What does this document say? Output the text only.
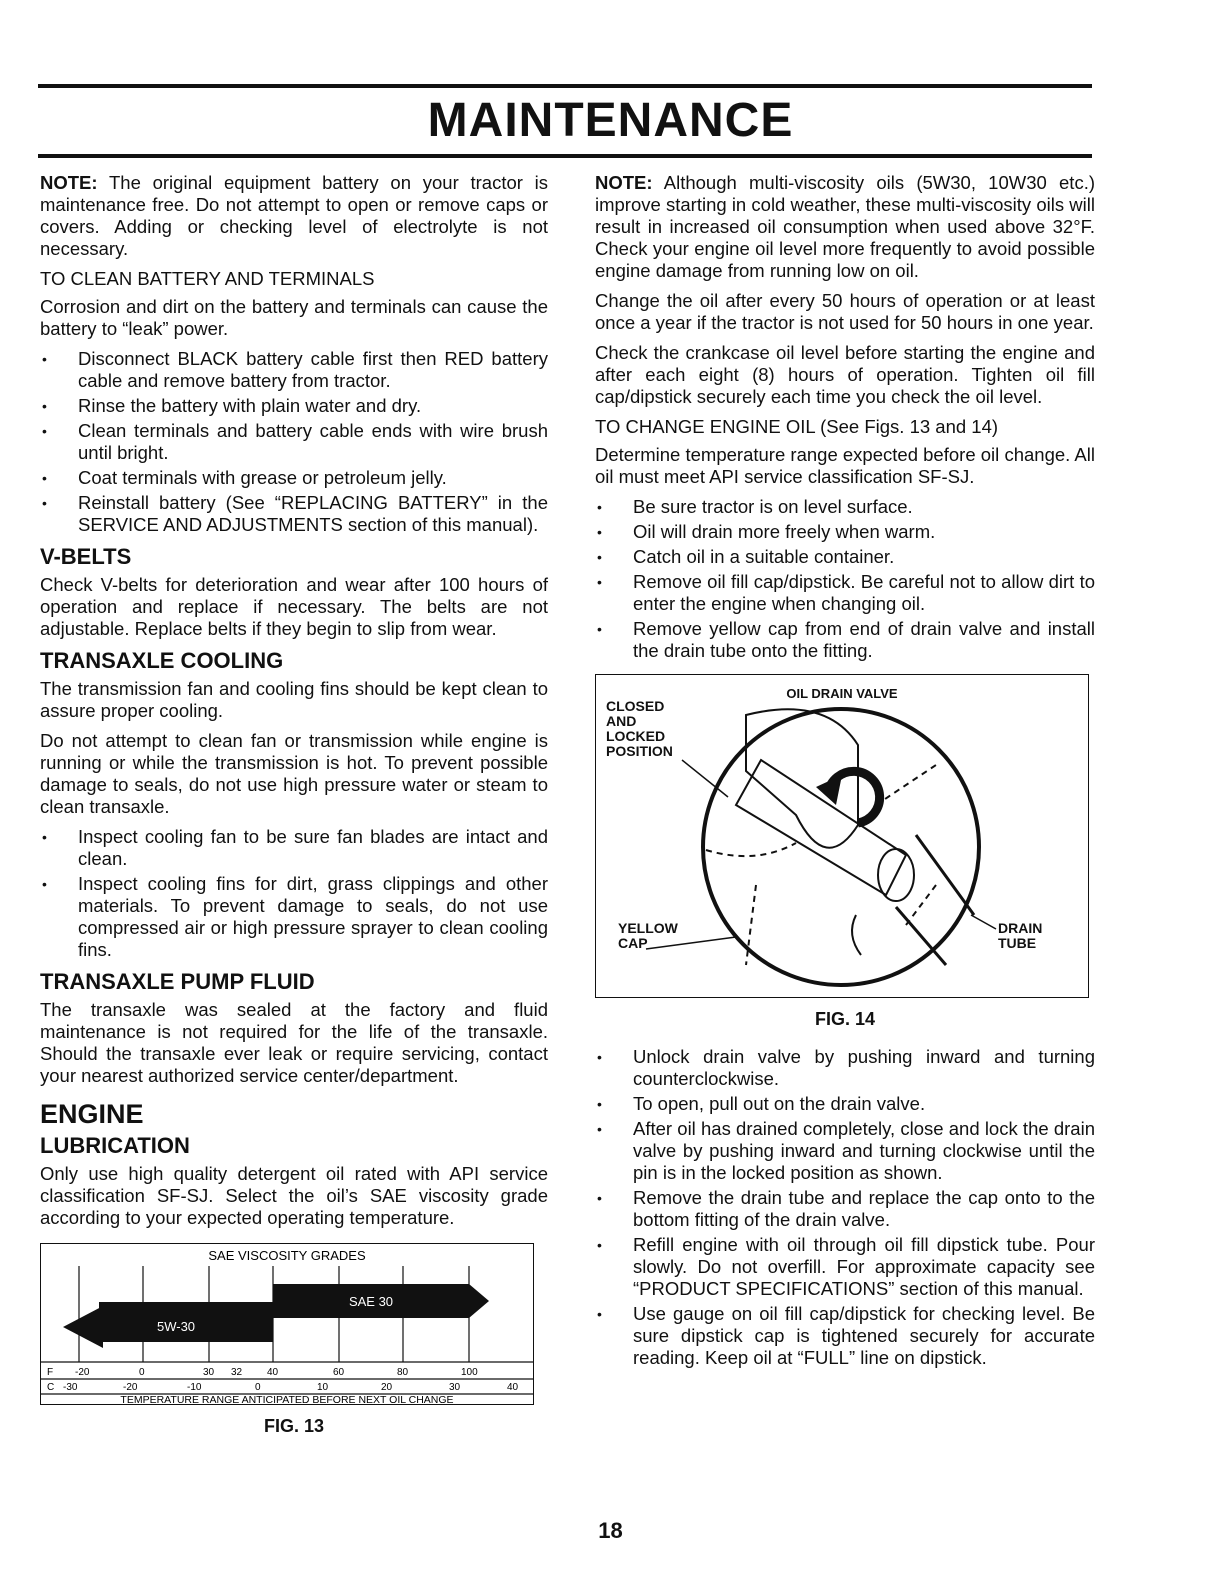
MAINTENANCE

NOTE: The original equipment battery on your tractor is maintenance free. Do not attempt to open or remove caps or covers. Adding or checking level of electrolyte is not necessary.

TO CLEAN BATTERY AND TERMINALS

Corrosion and dirt on the battery and terminals can cause the battery to “leak” power.

• Disconnect BLACK battery cable first then RED battery cable and remove battery from tractor.
• Rinse the battery with plain water and dry.
• Clean terminals and battery cable ends with wire brush until bright.
• Coat terminals with grease or petroleum jelly.
• Reinstall battery (See “REPLACING BATTERY” in the SERVICE AND ADJUSTMENTS section of this manual).
V-BELTS

Check V-belts for deterioration and wear after 100 hours of operation and replace if necessary. The belts are not adjustable. Replace belts if they begin to slip from wear.

TRANSAXLE COOLING

The transmission fan and cooling fins should be kept clean to assure proper cooling.

Do not attempt to clean fan or transmission while engine is running or while the transmission is hot. To prevent possible damage to seals, do not use high pressure water or steam to clean transaxle.

• Inspect cooling fan to be sure fan blades are intact and clean.
• Inspect cooling fins for dirt, grass clippings and other materials. To prevent damage to seals, do not use compressed air or high pressure sprayer to clean cooling fins.
TRANSAXLE PUMP FLUID

The transaxle was sealed at the factory and fluid maintenance is not required for the life of the transaxle. Should the transaxle ever leak or require servicing, contact your nearest authorized service center/department.

ENGINE
LUBRICATION

Only use high quality detergent oil rated with API service classification SF-SJ. Select the oil’s SAE viscosity grade according to your expected operating temperature.

SAE VISCOSITY GRADES
SAE 30
5W-30
F -20	0	30 32 40	60	80	100
C -30	-20	-10	0	10	20	30	40
TEMPERATURE RANGE ANTICIPATED BEFORE NEXT OIL CHANGE
FIG. 13

NOTE: Although multi-viscosity oils (5W30, 10W30 etc.) improve starting in cold weather, these multi-viscosity oils will result in increased oil consumption when used above 32°F. Check your engine oil level more frequently to avoid possible engine damage from running low on oil.

Change the oil after every 50 hours of operation or at least once a year if the tractor is not used for 50 hours in one year.

Check the crankcase oil level before starting the engine and after each eight (8) hours of operation. Tighten oil fill cap/dipstick securely each time you check the oil level.

TO CHANGE ENGINE OIL (See Figs. 13 and 14)

Determine temperature range expected before oil change. All oil must meet API service classification SF-SJ.

• Be sure tractor is on level surface.
• Oil will drain more freely when warm.
• Catch oil in a suitable container.
• Remove oil fill cap/dipstick. Be careful not to allow dirt to enter the engine when changing oil.
• Remove yellow cap from end of drain valve and install the drain tube onto the fitting.
OIL DRAIN VALVE
CLOSED
AND
LOCKED
POSITION
YELLOW
CAP
DRAIN
TUBE
FIG. 14
• Unlock drain valve by pushing inward and turning counterclockwise.
• To open, pull out on the drain valve.
• After oil has drained completely, close and lock the drain valve by pushing inward and turning clockwise until the pin is in the locked position as shown.
• Remove the drain tube and replace the cap onto to the bottom fitting of the drain valve.
• Refill engine with oil through oil fill dipstick tube. Pour slowly. Do not overfill. For approximate capacity see “PRODUCT SPECIFICATIONS” section of this manual.
• Use gauge on oil fill cap/dipstick for checking level. Be sure dipstick cap is tightened securely for accurate reading. Keep oil at “FULL” line on dipstick.
18
